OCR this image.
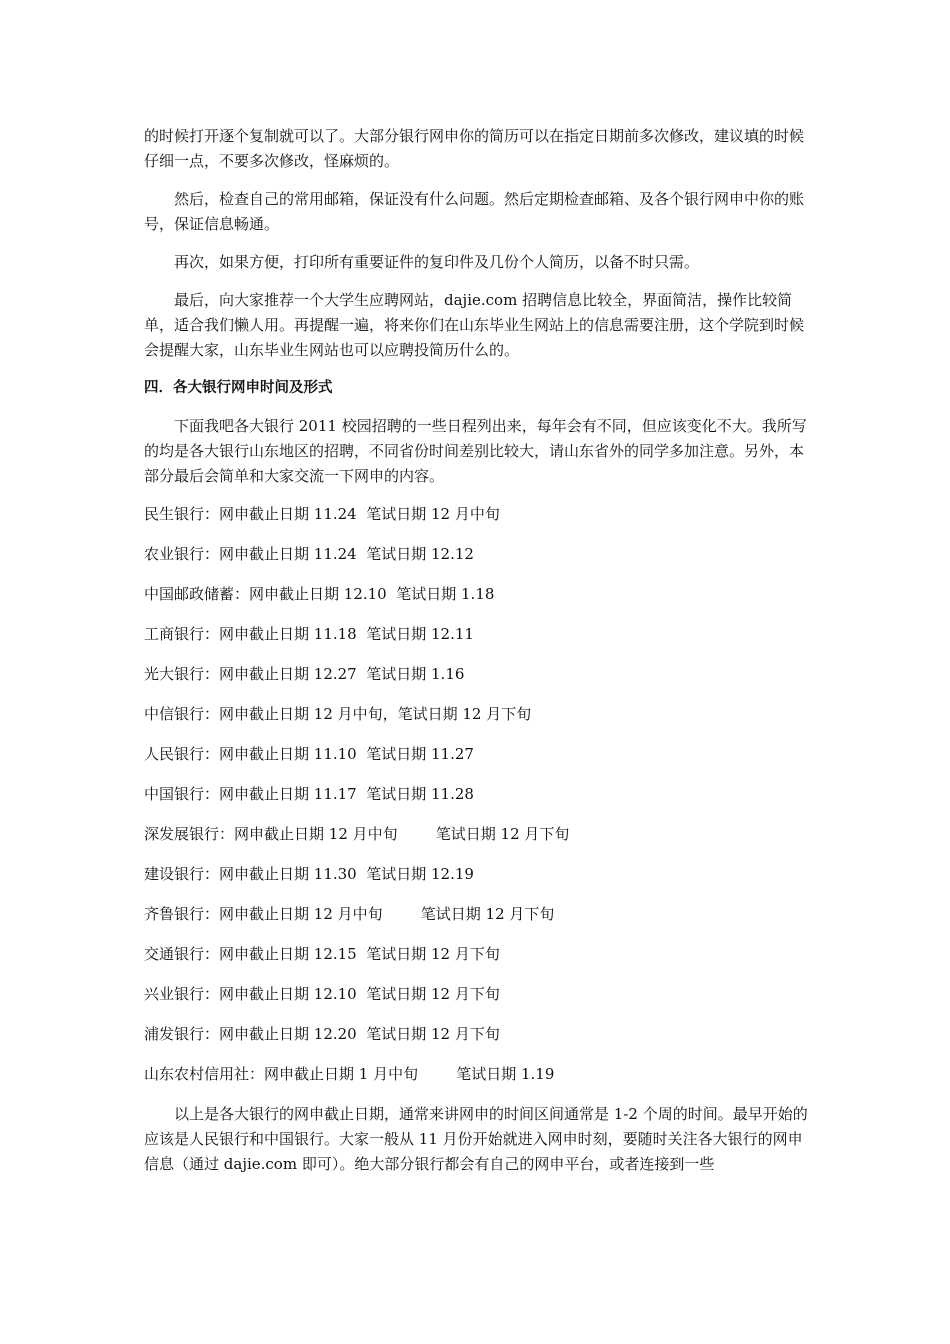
的时候打开逐个复制就可以了。大部分银行网申你的简历可以在指定日期前多次修改，建议填的时候仔细一点，不要多次修改，怪麻烦的。

然后，检查自己的常用邮箱，保证没有什么问题。然后定期检查邮箱、及各个银行网申中你的账号，保证信息畅通。

再次，如果方便，打印所有重要证件的复印件及几份个人简历，以备不时只需。

最后，向大家推荐一个大学生应聘网站，dajie.com 招聘信息比较全，界面简洁，操作比较简单，适合我们懒人用。再提醒一遍，将来你们在山东毕业生网站上的信息需要注册，这个学院到时候会提醒大家，山东毕业生网站也可以应聘投简历什么的。

四．各大银行网申时间及形式

下面我吧各大银行 2011 校园招聘的一些日程列出来，每年会有不同，但应该变化不大。我所写的均是各大银行山东地区的招聘，不同省份时间差别比较大，请山东省外的同学多加注意。另外，本部分最后会简单和大家交流一下网申的内容。

民生银行：网申截止日期 11.24  笔试日期 12 月中旬

农业银行：网申截止日期 11.24  笔试日期 12.12

中国邮政储蓄：网申截止日期 12.10  笔试日期 1.18

工商银行：网申截止日期 11.18  笔试日期 12.11

光大银行：网申截止日期 12.27  笔试日期 1.16

中信银行：网申截止日期 12 月中旬，笔试日期 12 月下旬

人民银行：网申截止日期 11.10  笔试日期 11.27

中国银行：网申截止日期 11.17  笔试日期 11.28

深发展银行：网申截止日期 12 月中旬        笔试日期 12 月下旬

建设银行：网申截止日期 11.30  笔试日期 12.19

齐鲁银行：网申截止日期 12 月中旬        笔试日期 12 月下旬

交通银行：网申截止日期 12.15  笔试日期 12 月下旬

兴业银行：网申截止日期 12.10  笔试日期 12 月下旬

浦发银行：网申截止日期 12.20  笔试日期 12 月下旬

山东农村信用社：网申截止日期 1 月中旬        笔试日期 1.19

以上是各大银行的网申截止日期，通常来讲网申的时间区间通常是 1-2 个周的时间。最早开始的应该是人民银行和中国银行。大家一般从 11 月份开始就进入网申时刻，要随时关注各大银行的网申信息（通过 dajie.com 即可）。绝大部分银行都会有自己的网申平台，或者连接到一些
